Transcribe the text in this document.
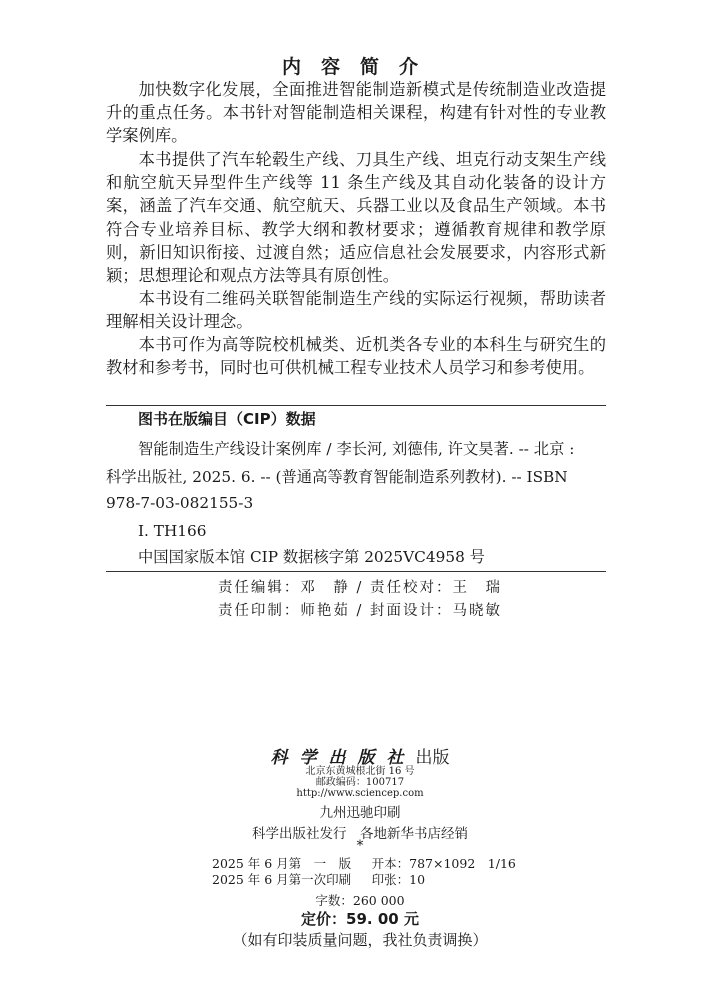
内容简介

加快数字化发展，全面推进智能制造新模式是传统制造业改造提升的重点任务。本书针对智能制造相关课程，构建有针对性的专业教学案例库。

本书提供了汽车轮毂生产线、刀具生产线、坦克行动支架生产线和航空航天异型件生产线等 11 条生产线及其自动化装备的设计方案，涵盖了汽车交通、航空航天、兵器工业以及食品生产领域。本书符合专业培养目标、教学大纲和教材要求；遵循教育规律和教学原则，新旧知识衔接、过渡自然；适应信息社会发展要求，内容形式新颖；思想理论和观点方法等具有原创性。

本书设有二维码关联智能制造生产线的实际运行视频，帮助读者理解相关设计理念。

本书可作为高等院校机械类、近机类各专业的本科生与研究生的教材和参考书，同时也可供机械工程专业技术人员学习和参考使用。

图书在版编目（CIP）数据
智能制造生产线设计案例库 / 李长河, 刘德伟, 许文昊著. -- 北京 :
科学出版社, 2025. 6. -- (普通高等教育智能制造系列教材). -- ISBN
978-7-03-082155-3
Ⅰ. TH166
中国国家版本馆 CIP 数据核字第 2025VC4958 号
责任编辑：邓　静 / 责任校对：王　瑞
责任印制：师艳茹 / 封面设计：马晓敏
科学出版社出版
北京东黄城根北街 16 号
邮政编码：100717
http://www.sciencep.com
九州迅驰印刷
科学出版社发行　各地新华书店经销
*
2025 年 6 月第　一　版　  开本：787×1092　1/16
2025 年 6 月第一次印刷　  印张：10
字数：260 000
定价：59. 00 元
（如有印装质量问题，我社负责调换）
